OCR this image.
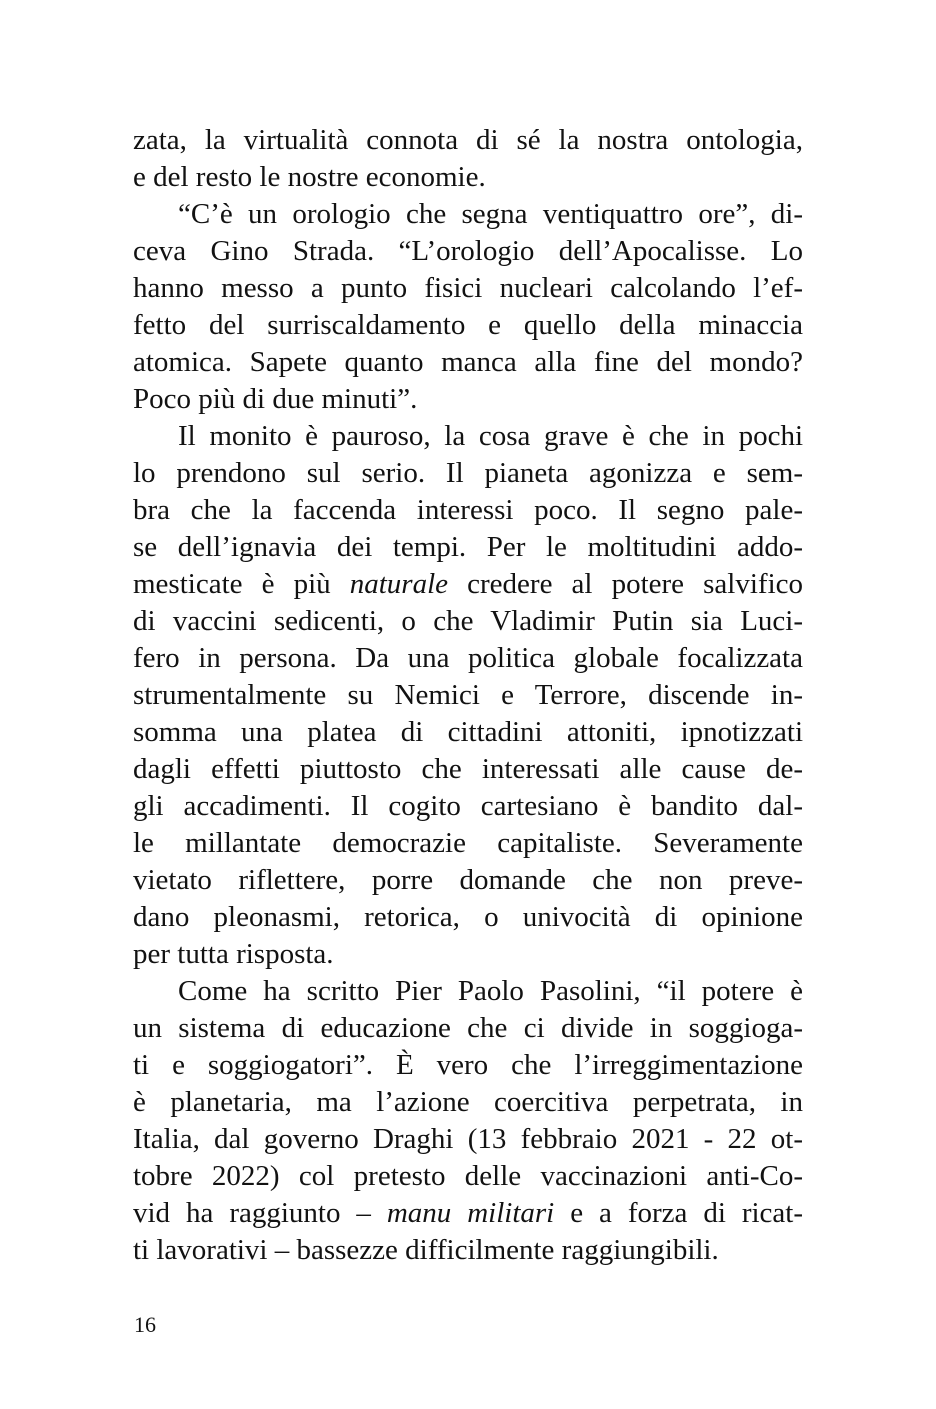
zata, la virtualità connota di sé la nostra ontologia,
e del resto le nostre economie.
“C’è un orologio che segna ventiquattro ore”, di-
ceva Gino Strada. “L’orologio dell’Apocalisse. Lo
hanno messo a punto fisici nucleari calcolando l’ef-
fetto del surriscaldamento e quello della minaccia
atomica. Sapete quanto manca alla fine del mondo?
Poco più di due minuti”.
Il monito è pauroso, la cosa grave è che in pochi
lo prendono sul serio. Il pianeta agonizza e sem-
bra che la faccenda interessi poco. Il segno pale-
se dell’ignavia dei tempi. Per le moltitudini addo-
mesticate è più naturale credere al potere salvifico
di vaccini sedicenti, o che Vladimir Putin sia Luci-
fero in persona. Da una politica globale focalizzata
strumentalmente su Nemici e Terrore, discende in-
somma una platea di cittadini attoniti, ipnotizzati
dagli effetti piuttosto che interessati alle cause de-
gli accadimenti. Il cogito cartesiano è bandito dal-
le millantate democrazie capitaliste. Severamente
vietato riflettere, porre domande che non preve-
dano pleonasmi, retorica, o univocità di opinione
per tutta risposta.
Come ha scritto Pier Paolo Pasolini, “il potere è
un sistema di educazione che ci divide in soggioga-
ti e soggiogatori”. È vero che l’irreggimentazione
è planetaria, ma l’azione coercitiva perpetrata, in
Italia, dal governo Draghi (13 febbraio 2021 - 22 ot-
tobre 2022) col pretesto delle vaccinazioni anti-Co-
vid ha raggiunto – manu militari e a forza di ricat-
ti lavorativi – bassezze difficilmente raggiungibili.
16
